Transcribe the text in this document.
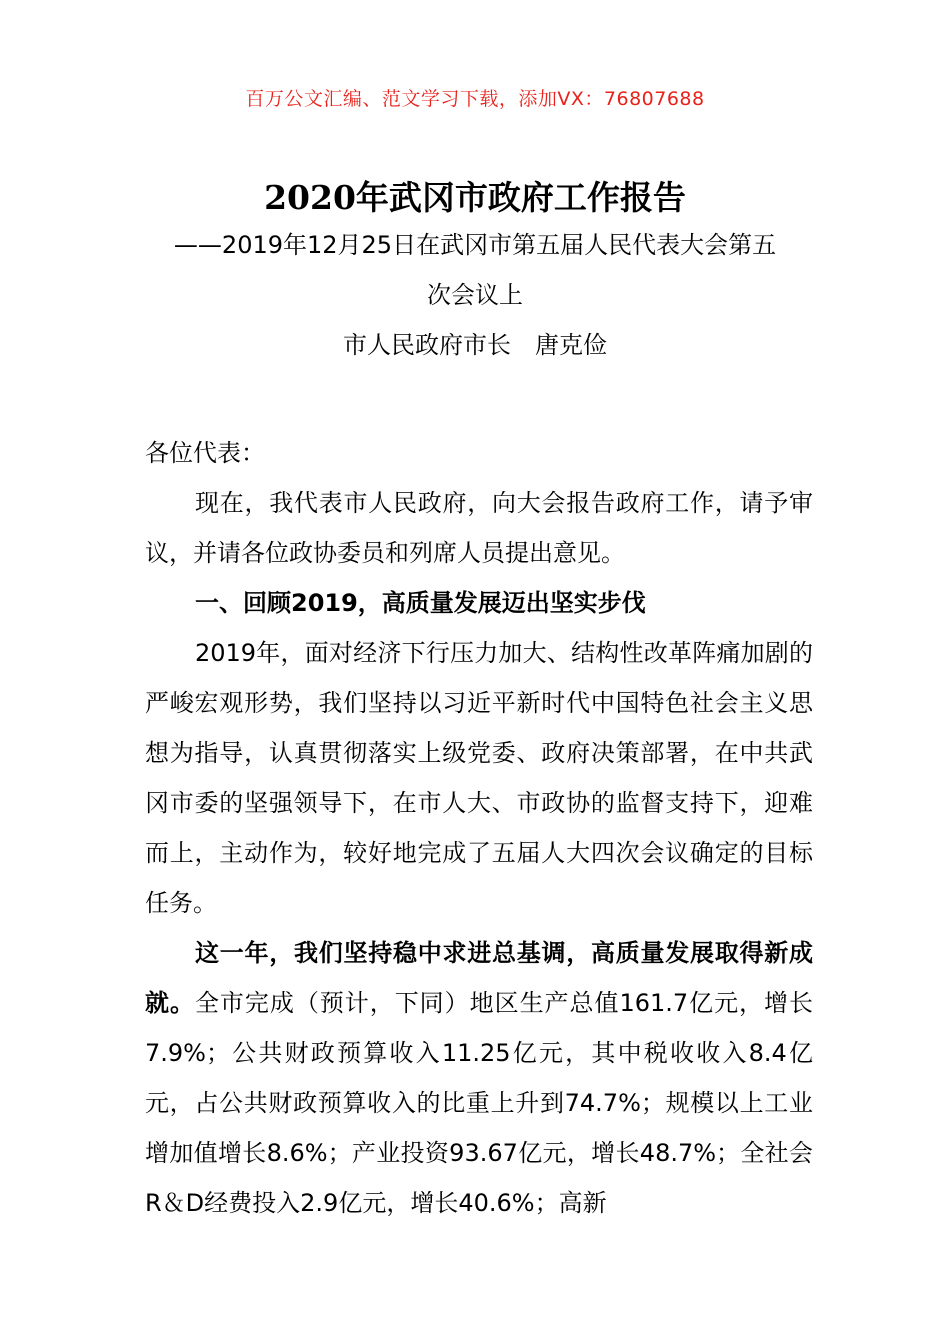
百万公文汇编、范文学习下载，添加VX：76807688
2020年武冈市政府工作报告
——2019年12月25日在武冈市第五届人民代表大会第五
次会议上
市人民政府市长　唐克俭

各位代表：

现在，我代表市人民政府，向大会报告政府工作，请予审议，并请各位政协委员和列席人员提出意见。

一、回顾2019，高质量发展迈出坚实步伐

2019年，面对经济下行压力加大、结构性改革阵痛加剧的严峻宏观形势，我们坚持以习近平新时代中国特色社会主义思想为指导，认真贯彻落实上级党委、政府决策部署，在中共武冈市委的坚强领导下，在市人大、市政协的监督支持下，迎难而上，主动作为，较好地完成了五届人大四次会议确定的目标任务。

这一年，我们坚持稳中求进总基调，高质量发展取得新成就。全市完成（预计，下同）地区生产总值161.7亿元，增长7.9%；公共财政预算收入11.25亿元，其中税收收入8.4亿元，占公共财政预算收入的比重上升到74.7%；规模以上工业增加值增长8.6%；产业投资93.67亿元，增长48.7%；全社会R＆D经费投入2.9亿元，增长40.6%；高新
